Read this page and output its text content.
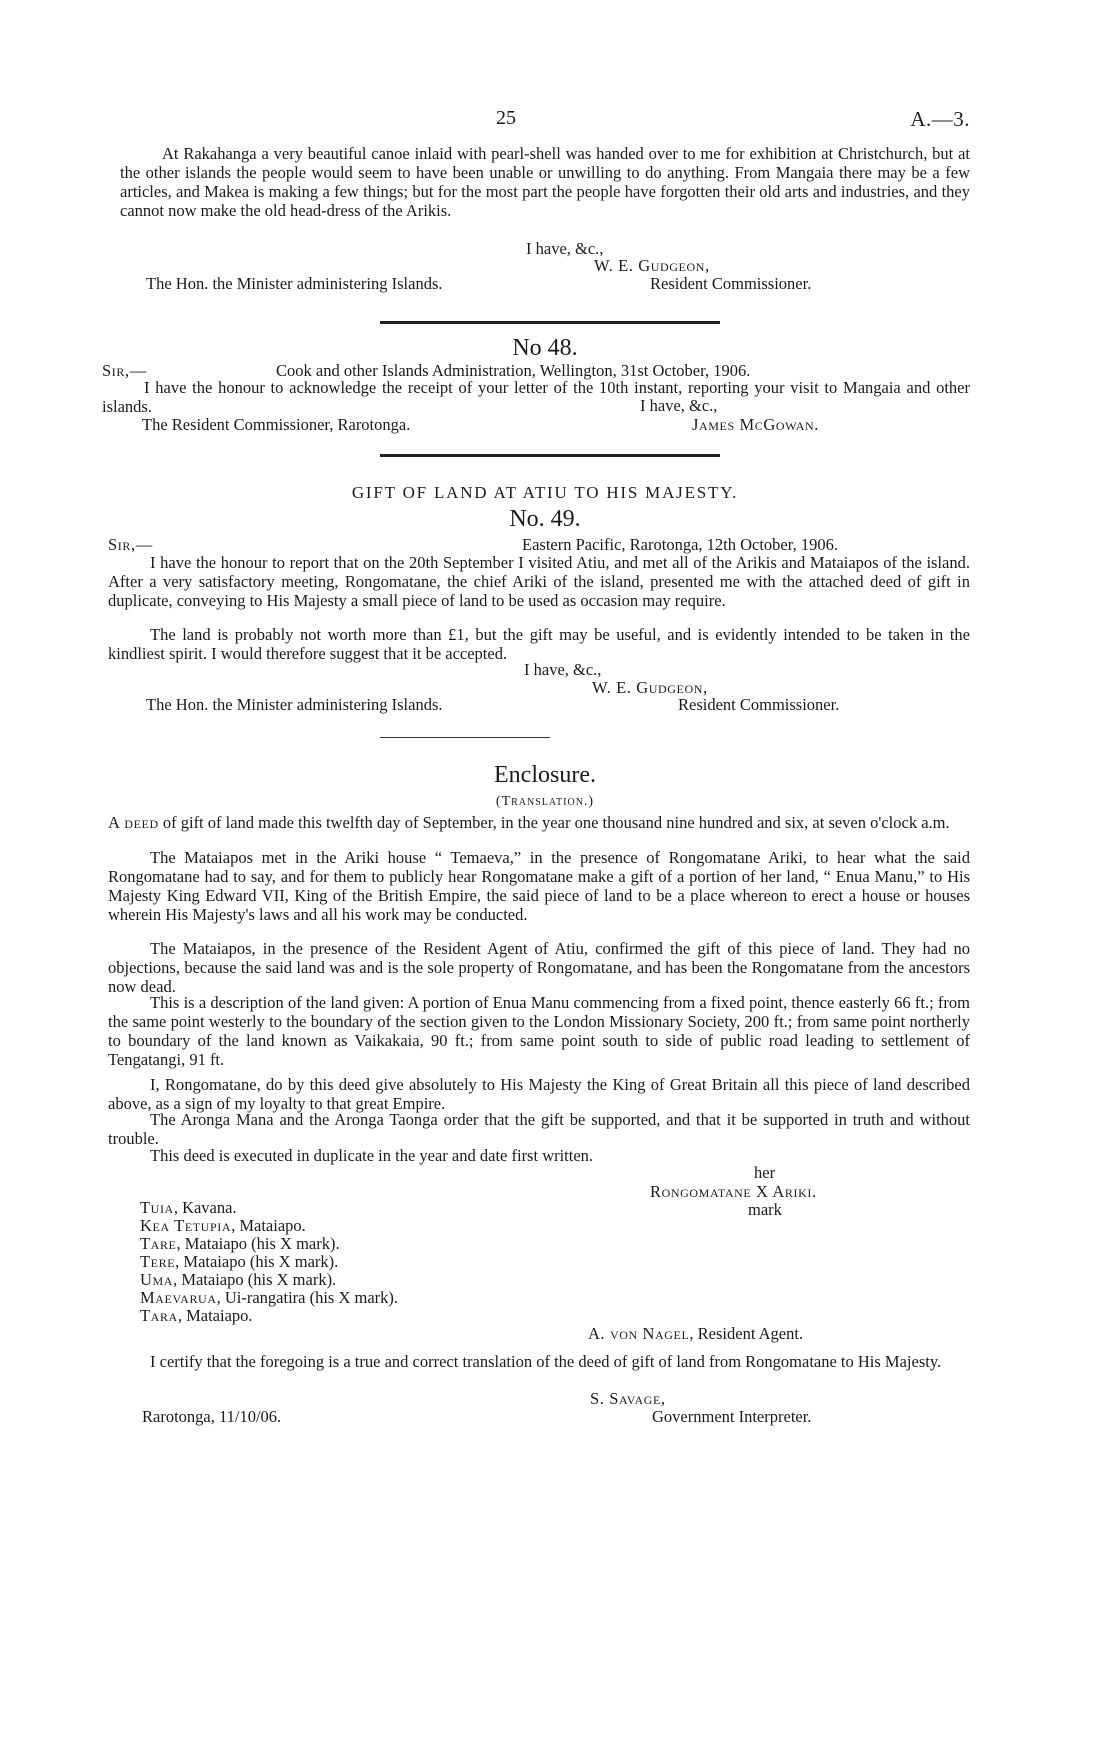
25	A.—3.

At Rakahanga a very beautiful canoe inlaid with pearl-shell was handed over to me for exhibition at Christchurch, but at the other islands the people would seem to have been unable or unwilling to do anything. From Mangaia there may be a few articles, and Makea is making a few things; but for the most part the people have forgotten their old arts and industries, and they cannot now make the old head-dress of the Arikis.

I have, &c.,
W. E. Gudgeon,
The Hon. the Minister administering Islands.	Resident Commissioner.
No 48.
Sir,—	Cook and other Islands Administration, Wellington, 31st October, 1906.

I have the honour to acknowledge the receipt of your letter of the 10th instant, reporting your visit to Mangaia and other islands.	I have, &c.,
The Resident Commissioner, Rarotonga.	James McGowan.
GIFT OF LAND AT ATIU TO HIS MAJESTY.
No. 49.
Sir,—	Eastern Pacific, Rarotonga, 12th October, 1906.

I have the honour to report that on the 20th September I visited Atiu, and met all of the Arikis and Mataiapos of the island. After a very satisfactory meeting, Rongomatane, the chief Ariki of the island, presented me with the attached deed of gift in duplicate, conveying to His Majesty a small piece of land to be used as occasion may require.

The land is probably not worth more than £1, but the gift may be useful, and is evidently intended to be taken in the kindliest spirit. I would therefore suggest that it be accepted.

I have, &c.,
W. E. Gudgeon,
The Hon. the Minister administering Islands.	Resident Commissioner.
Enclosure.
(Translation.)

A deed of gift of land made this twelfth day of September, in the year one thousand nine hundred and six, at seven o'clock a.m.

The Mataiapos met in the Ariki house “ Temaeva,” in the presence of Rongomatane Ariki, to hear what the said Rongomatane had to say, and for them to publicly hear Rongomatane make a gift of a portion of her land, “ Enua Manu,” to His Majesty King Edward VII, King of the British Empire, the said piece of land to be a place whereon to erect a house or houses wherein His Majesty's laws and all his work may be conducted.

The Mataiapos, in the presence of the Resident Agent of Atiu, confirmed the gift of this piece of land. They had no objections, because the said land was and is the sole property of Rongomatane, and has been the Rongomatane from the ancestors now dead.

This is a description of the land given: A portion of Enua Manu commencing from a fixed point, thence easterly 66 ft.; from the same point westerly to the boundary of the section given to the London Missionary Society, 200 ft.; from same point northerly to boundary of the land known as Vaikakaia, 90 ft.; from same point south to side of public road leading to settlement of Tengatangi, 91 ft.

I, Rongomatane, do by this deed give absolutely to His Majesty the King of Great Britain all this piece of land described above, as a sign of my loyalty to that great Empire.

The Aronga Mana and the Aronga Taonga order that the gift be supported, and that it be supported in truth and without trouble.

This deed is executed in duplicate in the year and date first written.

her
Rongomatane X Ariki.
mark
Tuia, Kavana.
Kea Tetupia, Mataiapo.
Tare, Mataiapo (his X mark).
Tere, Mataiapo (his X mark).
Uma, Mataiapo (his X mark).
Maevarua, Ui-rangatira (his X mark).
Tara, Mataiapo.
A. von Nagel, Resident Agent.

I certify that the foregoing is a true and correct translation of the deed of gift of land from Rongomatane to His Majesty.

S. Savage,
Rarotonga, 11/10/06.	Government Interpreter.
